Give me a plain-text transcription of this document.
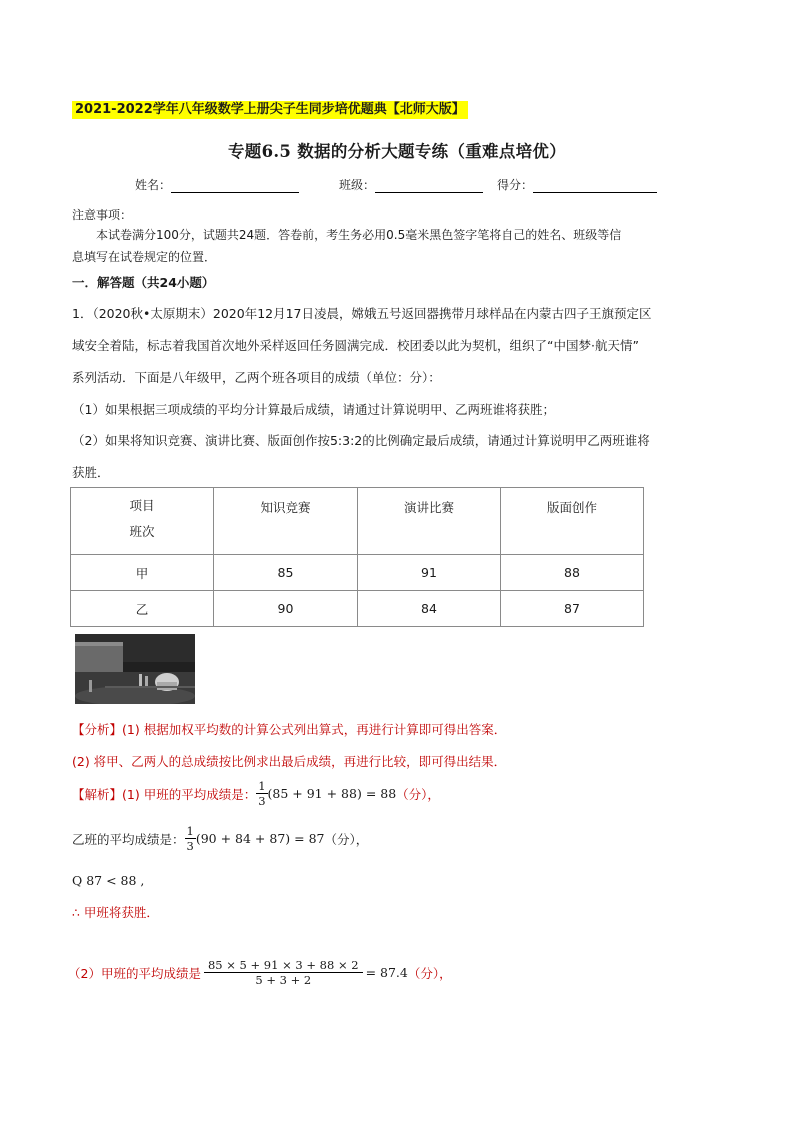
2021-2022学年八年级数学上册尖子生同步培优题典【北师大版】
专题6.5 数据的分析大题专练（重难点培优）
姓名：	班级：	得分：
注意事项：
本试卷满分100分，试题共24题．答卷前，考生务必用0.5毫米黑色签字笔将自己的姓名、班级等信
息填写在试卷规定的位置．
一．解答题（共24小题）
1．（2020秋•太原期末）2020年12月17日凌晨，嫦娥五号返回器携带月球样品在内蒙古四子王旗预定区
域安全着陆，标志着我国首次地外采样返回任务圆满完成．校团委以此为契机，组织了“中国梦·航天情”
系列活动．下面是八年级甲，乙两个班各项目的成绩（单位：分）：
（1）如果根据三项成绩的平均分计算最后成绩，请通过计算说明甲、乙两班谁将获胜；
（2）如果将知识竞赛、演讲比赛、版面创作按5:3:2的比例确定最后成绩，请通过计算说明甲乙两班谁将
获胜．
项目
班次	知识竞赛	演讲比赛	版面创作

甲	85	91	88
乙	90	84	87
【分析】(1) 根据加权平均数的计算公式列出算式，再进行计算即可得出答案．
(2) 将甲、乙两人的总成绩按比例求出最后成绩，再进行比较，即可得出结果．
【解析】(1) 甲班的平均成绩是： $\frac{1}{3} (85 + 91 + 88) = 88$（分），
乙班的平均成绩是： $\frac{1}{3} (90 + 84 + 87) = 87$（分），
Q 87 < 88 ,
∴ 甲班将获胜．
（2）甲班的平均成绩是 $\frac{85 \times 5 + 91 \times 3 + 88 \times 2}{5 + 3 + 2} = 87.4$（分），
